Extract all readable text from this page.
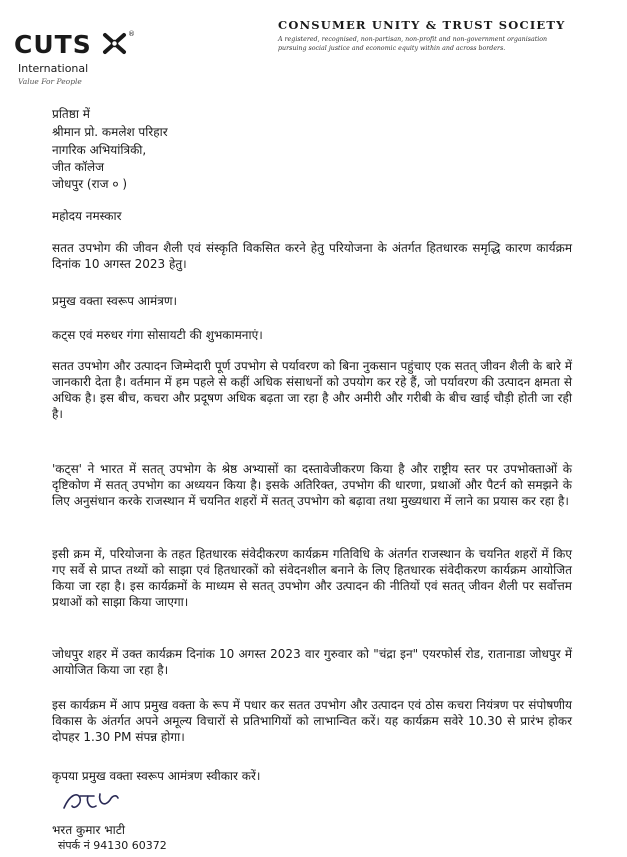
CUTS	®
International
Value For People
CONSUMER UNITY & TRUST SOCIETY
A registered, recognised, non-partisan, non-profit and non-government organisation
pursuing social justice and economic equity within and across borders.
प्रतिष्ठा में
श्रीमान प्रो. कमलेश परिहार
नागरिक अभियांत्रिकी,
जीत कॉलेज
जोधपुर (राज ० )
महोदय नमस्कार
सतत उपभोग की जीवन शैली एवं संस्कृति विकसित करने हेतु परियोजना के अंतर्गत हितधारक समृद्धि कारण कार्यक्रम दिनांक 10 अगस्त 2023 हेतु।
प्रमुख वक्ता स्वरूप आमंत्रण।
कट्स एवं मरुधर गंगा सोसायटी की शुभकामनाएं।
सतत उपभोग और उत्पादन जिम्मेदारी पूर्ण उपभोग से पर्यावरण को बिना नुकसान पहुंचाए एक सतत् जीवन शैली के बारे में जानकारी देता है। वर्तमान में हम पहले से कहीं अधिक संसाधनों को उपयोग कर रहे हैं, जो पर्यावरण की उत्पादन क्षमता से अधिक है। इस बीच, कचरा और प्रदूषण अधिक बढ़ता जा रहा है और अमीरी और गरीबी के बीच खाई चौड़ी होती जा रही है।
'कट्स' ने भारत में सतत् उपभोग के श्रेष्ठ अभ्यासों का दस्तावेजीकरण किया है और राष्ट्रीय स्तर पर उपभोक्ताओं के दृष्टिकोण में सतत् उपभोग का अध्ययन किया है। इसके अतिरिक्त, उपभोग की धारणा, प्रथाओं और पैटर्न को समझने के लिए अनुसंधान करके राजस्थान में चयनित शहरों में सतत् उपभोग को बढ़ावा तथा मुख्यधारा में लाने का प्रयास कर रहा है।
इसी क्रम में, परियोजना के तहत हितधारक संवेदीकरण कार्यक्रम गतिविधि के अंतर्गत राजस्थान के चयनित शहरों में किए गए सर्वे से प्राप्त तथ्यों को साझा एवं हितधारकों को संवेदनशील बनाने के लिए हितधारक संवेदीकरण कार्यक्रम आयोजित किया जा रहा है। इस कार्यक्रमों के माध्यम से सतत् उपभोग और उत्पादन की नीतियों एवं सतत् जीवन शैली पर सर्वोत्तम प्रथाओं को साझा किया जाएगा।
जोधपुर शहर में उक्त कार्यक्रम दिनांक 10 अगस्त 2023 वार गुरुवार को "चंद्रा इन" एयरफोर्स रोड, रातानाडा जोधपुर में आयोजित किया जा रहा है।
इस कार्यक्रम में आप प्रमुख वक्ता के रूप में पधार कर सतत उपभोग और उत्पादन एवं ठोस कचरा नियंत्रण पर संपोषणीय विकास के अंतर्गत अपने अमूल्य विचारों से प्रतिभागियों को लाभान्वित करें। यह कार्यक्रम सवेरे 10.30 से प्रारंभ होकर दोपहर 1.30 PM संपन्न होगा।
कृपया प्रमुख वक्ता स्वरूप आमंत्रण स्वीकार करें।
भरत कुमार भाटी
संपर्क नं 94130 60372
